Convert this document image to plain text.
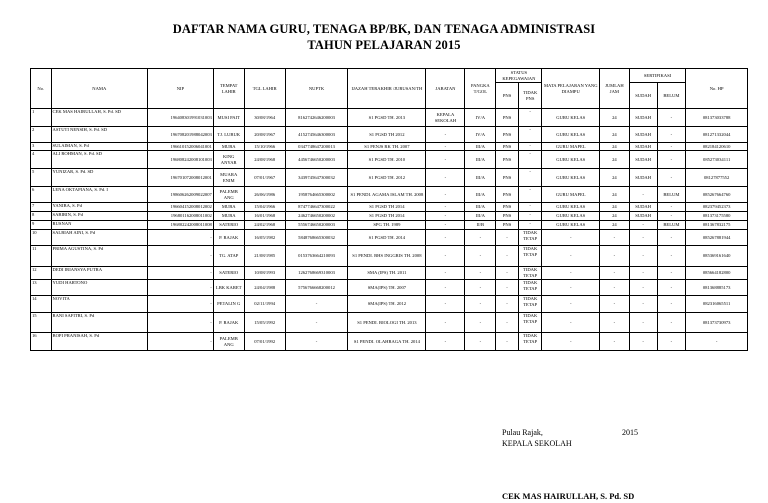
DAFTAR NAMA GURU, TENAGA BP/BK, DAN TENAGA ADMINISTRASI
TAHUN PELAJARAN 2015
No.	NAMA	NIP	TEMPAT LAHIR	TGL LAHIR	NUPTK	IJAZAH TERAKHIR /JURUSAN/TH	JABATAN	PANGKA T/GOL	STATUS KEPEGAWAIAN		MATA PELAJARAN YANG DIAMPU	JUMLAH JAM	SERTIFIKASI		No. HP
									PNS	TIDAK PNS			SUDAH	BELUM	
1	CEK MAS HAIRULLAH, S. Pd. SD	196408301991031003	MUSI PAIT	30/08/1964	8162742646200003	S1 PGSD TH. 2013	KEPALA SEKOLAH	IV/A	PNS	-	GURU KELAS	24	SUDAH	-	081373033788
2	ASTUTI NENSIH, S. Pd. SD	196708201988042003	TJ. LUBUK	20/08/1967	4152745646300003	S1 PGSD TH 2012	-	IV/A	PNS	-	GURU KELAS	24	SUDAH	-	081271332044
3	SULAIMAN, S. Pd	196610152006041001	MUBA	15/10/1966	0347748647200013	S1 PENJS RK TH. 2007	-	III/A	PNS	-	GURU MAPEL	24	SUDAH	-	082184120610
4	ALI ROHMAN, S. Pd. SD	196808242008101003	KING ANYAR	24/08/1968	4456746650200003	S1 PGSD TH. 2010	-	III/A	PNS	-	GURU KELAS	24	SUDAH	-	085273034111
5	YUNIZAR, S. Pd. SD	196701072008012001	MUARA ENIM	07/01/1967	3439745647300032	S1 PGSD TH. 2012	-	III/A	PNS	-	GURU KELAS	24	SUDAH	-	08127877552
6	LENA OKTAPIANA, S. Pd. I	198606262009022007	PALEMB ANG	26/06/1986	1958764665300002	S1 PENDI. AGAMA ISLAM TH. 2008	-	III/A	PNS	-	GURU MAPEL	24	-	BELUM	085267664760
7	YANIBA, S. Pd	196604152008012002	MUBA	15/04/1966	8747746647300022	S1 PGSD TH 2014	-	III/A	PNS	-	GURU KELAS	24	SUDAH	-	082379452373
8	SABIRIN, S. Pd	196801162008011002	MUBA	16/01/1968	2462746650200002	S1 PGSD TH 2014	-	III/A	PNS	-	GURU KELAS	24	SUDAH	-	081373175580
9	RUSNAN	196802242008011008	SATERIO	24/02/1968	5556746650200003	SPG TH. 1989	-	II/B	PNS	-	GURU KELAS	24	-	BELUM	081367832175
10	SALBIAH AINI, S. Pd	-	P. RAJAK	16/05/1982	5848768665300032	S1 PGSD TH. 2014	-	-	-	TIDAK TETAP	-	-	-	-	085267881944
11	PRIMA AGUSTINA, S. Pd	-	TG. ATAP	21/08/1985	0153763664210093	S1 PENDI. BHS INGGRIS TH. 2008	-	-	-	TIDAK TETAP	-	-	-	-	085369161640
12	DEDI IRIANSYA PUTRA	-	SATERIO	10/08/1993	1262768669310003	SMA (IPS) TH. 2011	-	-	-	TIDAK TETAP	-	-	-	-	085664182800
13	YUDI HARTONO	-	LBK KARET	24/04/1988	5756766668200012	SMA(IPS) TH. 2007	-	-	-	TIDAK TETAP	-	-	-	-	081368885173
14	NOVITA	-	PETALIN G	02/11/1994	-	SMA(IPS) TH. 2012	-	-	-	TIDAK TETAP	-	-	-	-	082316065511
15	RANI SAFITRI, S. Pd	-	P. RAJAK	15/05/1992	-	S1 PENDI. BIOLOGI TH. 2013	-	-	-	TIDAK TETAP	-	-	-	-	081373730973
16	BOPI PRANISAH, S. Pd	-	PALEMB ANG	07/01/1992	-	S1 PENDI. OLAHRAGA TH. 2014	-	-	-	TIDAK TETAP	-	-	-	-	-
Pulau Rajak,	2015
KEPALA SEKOLAH
CEK MAS HAIRULLAH, S. Pd. SD
